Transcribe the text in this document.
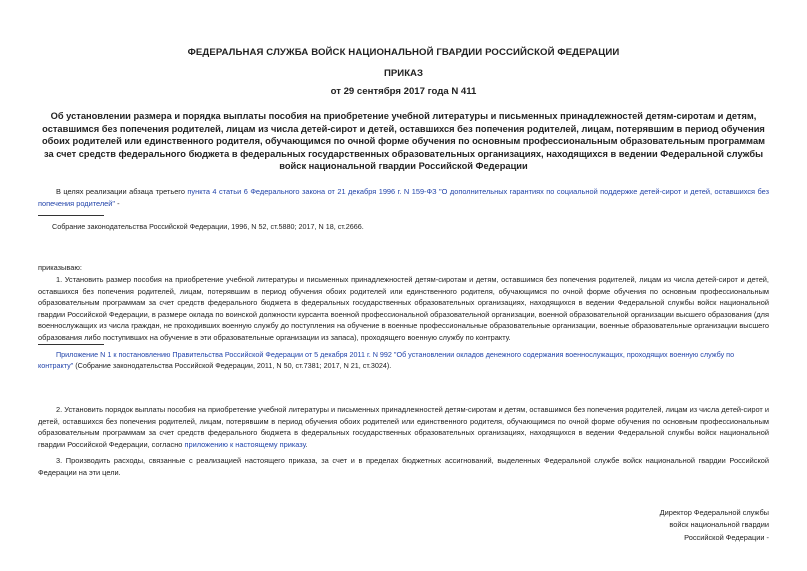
ФЕДЕРАЛЬНАЯ СЛУЖБА ВОЙСК НАЦИОНАЛЬНОЙ ГВАРДИИ РОССИЙСКОЙ ФЕДЕРАЦИИ
ПРИКАЗ
от 29 сентября 2017 года N 411
Об установлении размера и порядка выплаты пособия на приобретение учебной литературы и письменных принадлежностей детям-сиротам и детям, оставшимся без попечения родителей, лицам из числа детей-сирот и детей, оставшихся без попечения родителей, лицам, потерявшим в период обучения обоих родителей или единственного родителя, обучающимся по очной форме обучения по основным профессиональным образовательным программам за счет средств федерального бюджета в федеральных государственных образовательных организациях, находящихся в ведении Федеральной службы войск национальной гвардии Российской Федерации
В целях реализации абзаца третьего пункта 4 статьи 6 Федерального закона от 21 декабря 1996 г. N 159-ФЗ "О дополнительных гарантиях по социальной поддержке детей-сирот и детей, оставшихся без попечения родителей" -
Собрание законодательства Российской Федерации, 1996, N 52, ст.5880; 2017, N 18, ст.2666.
приказываю:
1. Установить размер пособия на приобретение учебной литературы и письменных принадлежностей детям-сиротам и детям, оставшимся без попечения родителей, лицам из числа детей-сирот и детей, оставшихся без попечения родителей, лицам, потерявшим в период обучения обоих родителей или единственного родителя, обучающимся по очной форме обучения по основным профессиональным образовательным программам за счет средств федерального бюджета в федеральных государственных образовательных организациях, находящихся в ведении Федеральной службы войск национальной гвардии Российской Федерации, в размере оклада по воинской должности курсанта военной профессиональной образовательной организации, военной образовательной организации высшего образования (для военнослужащих из числа граждан, не проходивших военную службу до поступления на обучение в военные профессиональные образовательные организации, военные образовательные организации высшего образования либо поступивших на обучение в эти образовательные организации из запаса), проходящего военную службу по контракту.
Приложение N 1 к постановлению Правительства Российской Федерации от 5 декабря 2011 г. N 992 "Об установлении окладов денежного содержания военнослужащих, проходящих военную службу по контракту" (Собрание законодательства Российской Федерации, 2011, N 50, ст.7381; 2017, N 21, ст.3024).
2. Установить порядок выплаты пособия на приобретение учебной литературы и письменных принадлежностей детям-сиротам и детям, оставшимся без попечения родителей, лицам из числа детей-сирот и детей, оставшихся без попечения родителей, лицам, потерявшим в период обучения обоих родителей или единственного родителя, обучающимся по очной форме обучения по основным профессиональным образовательным программам за счет средств федерального бюджета в федеральных государственных образовательных организациях, находящихся в ведении Федеральной службы войск национальной гвардии Российской Федерации, согласно приложению к настоящему приказу.
3. Производить расходы, связанные с реализацией настоящего приказа, за счет и в пределах бюджетных ассигнований, выделенных Федеральной службе войск национальной гвардии Российской Федерации на эти цели.
Директор Федеральной службы
войск национальной гвардии
Российской Федерации -
